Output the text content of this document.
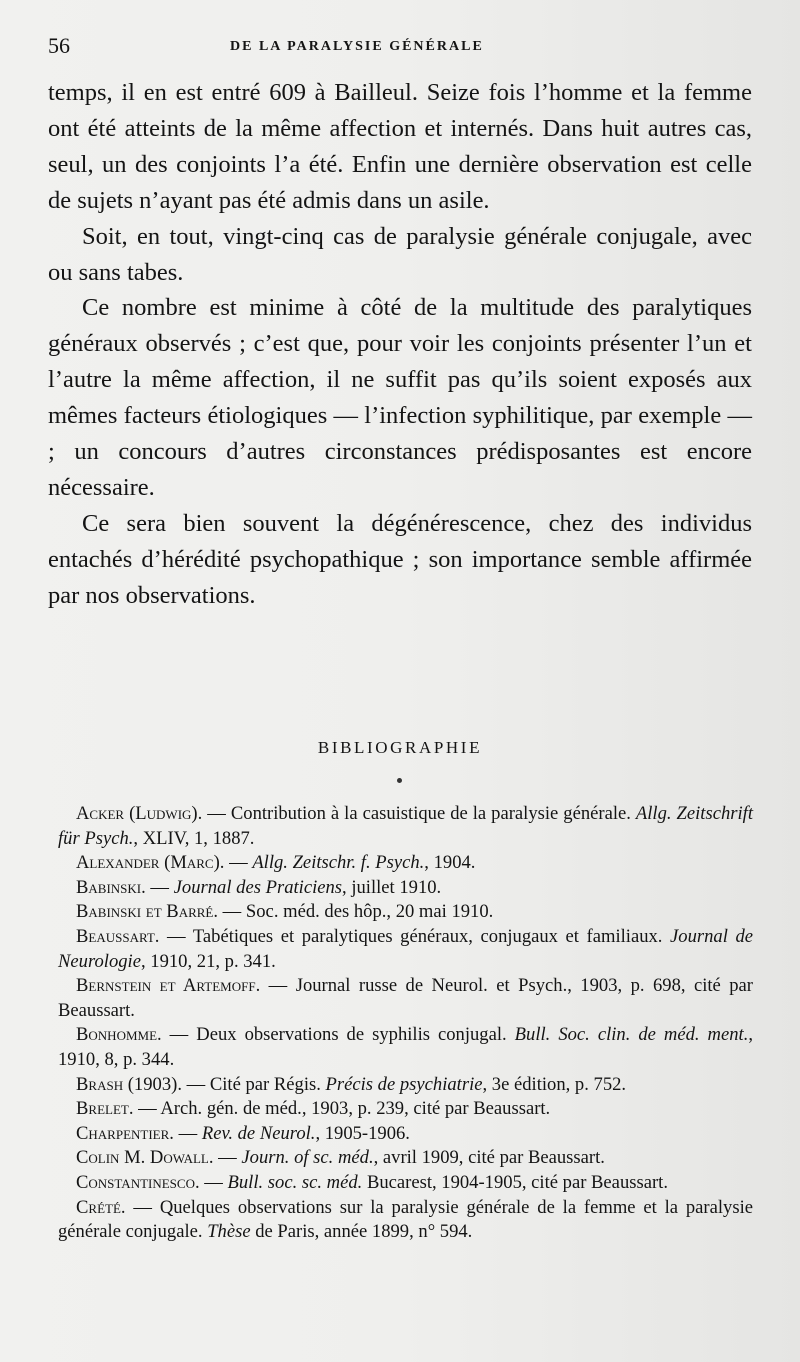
56	DE LA PARALYSIE GÉNÉRALE

temps, il en est entré 609 à Bailleul. Seize fois l’homme et la femme ont été atteints de la même affection et internés. Dans huit autres cas, seul, un des conjoints l’a été. Enfin une dernière observation est celle de sujets n’ayant pas été admis dans un asile.

Soit, en tout, vingt-cinq cas de paralysie générale conjugale, avec ou sans tabes.

Ce nombre est minime à côté de la multitude des paralytiques généraux observés ; c’est que, pour voir les conjoints présenter l’un et l’autre la même affection, il ne suffit pas qu’ils soient exposés aux mêmes facteurs étiologiques — l’infection syphilitique, par exemple — ; un concours d’autres circonstances prédisposantes est encore nécessaire.

Ce sera bien souvent la dégénérescence, chez des individus entachés d’hérédité psychopathique ; son importance semble affirmée par nos observations.

BIBLIOGRAPHIE

Acker (Ludwig). — Contribution à la casuistique de la paralysie générale. Allg. Zeitschrift für Psych., XLIV, 1, 1887.

Alexander (Marc). — Allg. Zeitschr. f. Psych., 1904.

Babinski. — Journal des Praticiens, juillet 1910.

Babinski et Barré. — Soc. méd. des hôp., 20 mai 1910.

Beaussart. — Tabétiques et paralytiques généraux, conjugaux et familiaux. Journal de Neurologie, 1910, 21, p. 341.

Bernstein et Artemoff. — Journal russe de Neurol. et Psych., 1903, p. 698, cité par Beaussart.

Bonhomme. — Deux observations de syphilis conjugal. Bull. Soc. clin. de méd. ment., 1910, 8, p. 344.

Brash (1903). — Cité par Régis. Précis de psychiatrie, 3e édition, p. 752.

Brelet. — Arch. gén. de méd., 1903, p. 239, cité par Beaussart.

Charpentier. — Rev. de Neurol., 1905-1906.

Colin M. Dowall. — Journ. of sc. méd., avril 1909, cité par Beaussart.

Constantinesco. — Bull. soc. sc. méd. Bucarest, 1904-1905, cité par Beaussart.

Crété. — Quelques observations sur la paralysie générale de la femme et la paralysie générale conjugale. Thèse de Paris, année 1899, n° 594.
